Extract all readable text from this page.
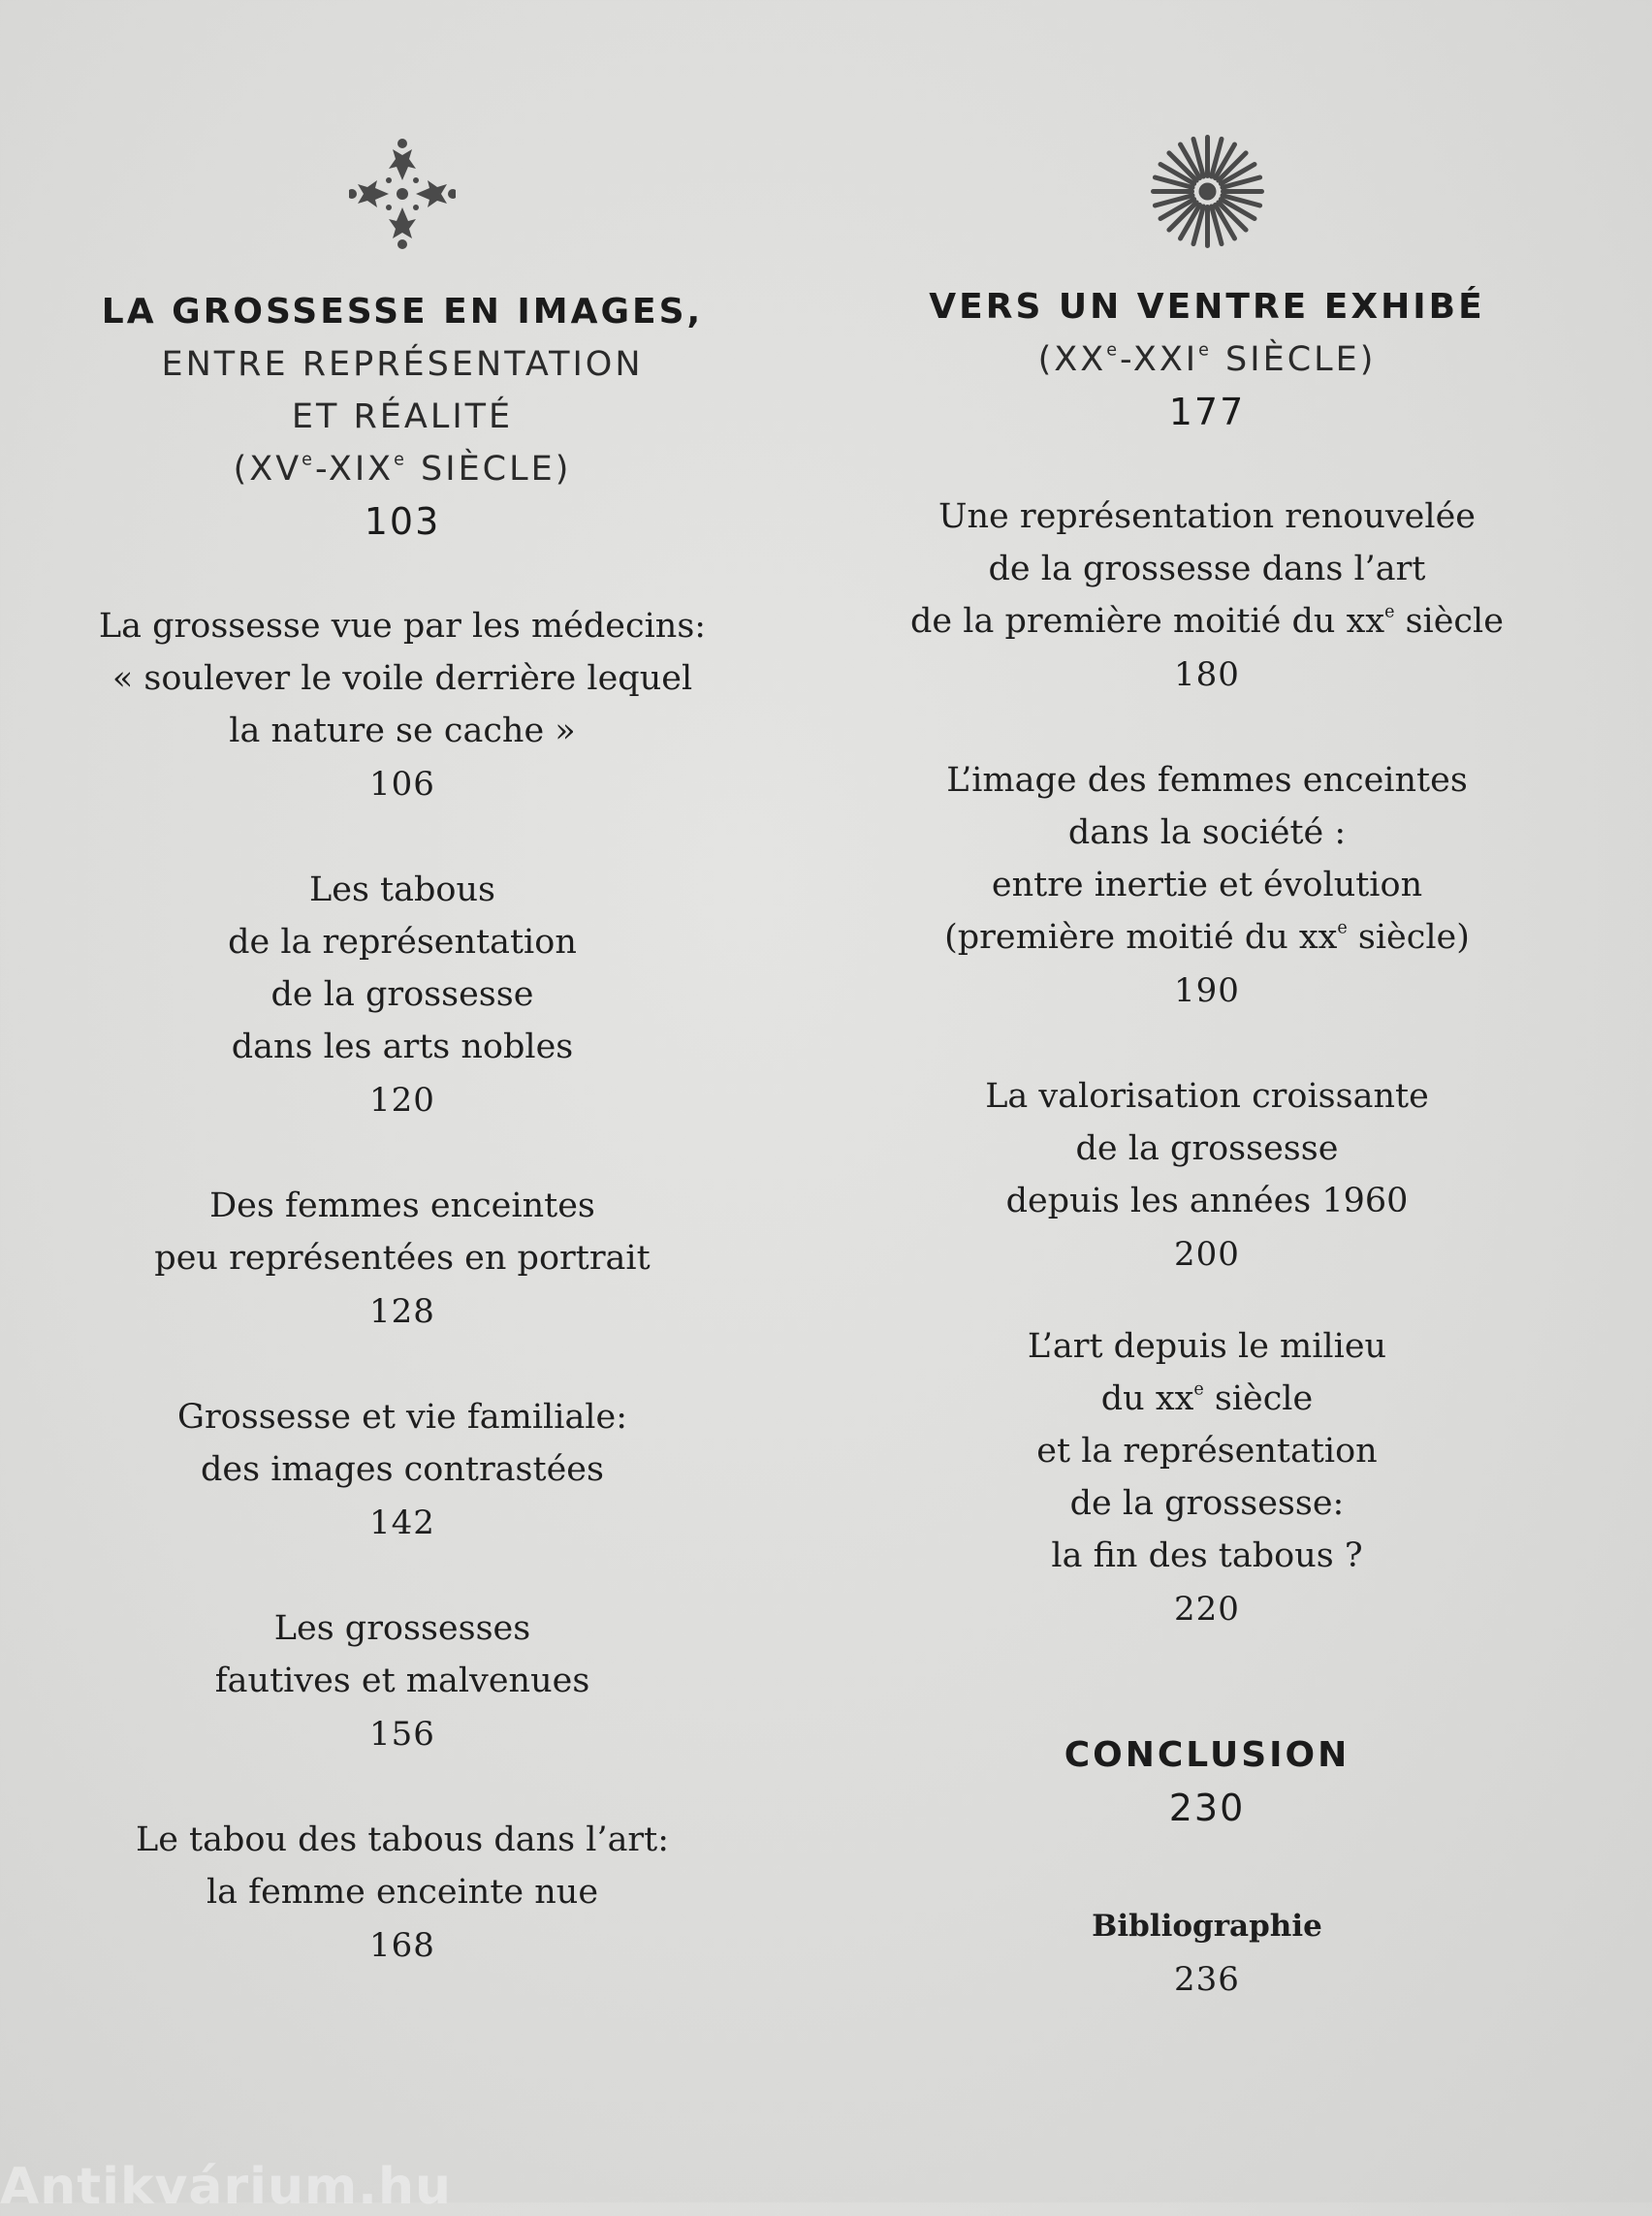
LA GROSSESSE EN IMAGES,
ENTRE REPRÉSENTATION
ET RÉALITÉ
(XVe-XIXe SIÈCLE)
103
La grossesse vue par les médecins:
« soulever le voile derrière lequel
la nature se cache »
106
Les tabous
de la représentation
de la grossesse
dans les arts nobles
120
Des femmes enceintes
peu représentées en portrait
128
Grossesse et vie familiale:
des images contrastées
142
Les grossesses
fautives et malvenues
156
Le tabou des tabous dans l’art:
la femme enceinte nue
168
VERS UN VENTRE EXHIBÉ
(XXe-XXIe SIÈCLE)
177
Une représentation renouvelée
de la grossesse dans l’art
de la première moitié du $xx^e$ siècle
180
L’image des femmes enceintes
dans la société :
entre inertie et évolution
(première moitié du $xx^e$ siècle)
190
La valorisation croissante
de la grossesse
depuis les années 1960
200
L’art depuis le milieu
du $xx^e$ siècle
et la représentation
de la grossesse:
la fin des tabous ?
220
CONCLUSION
230
Bibliographie
236
Antikvárium.hu
